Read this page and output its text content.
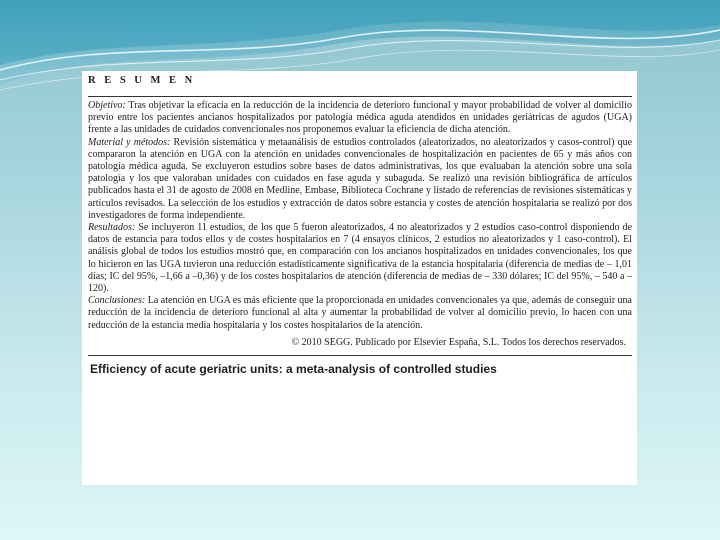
R E S U M E N

Objetivo: Tras objetivar la eficacia en la reducción de la incidencia de deterioro funcional y mayor probabilidad de volver al domicilio previo entre los pacientes ancianos hospitalizados por patología médica aguda atendidos en unidades geriátricas de agudos (UGA) frente a las unidades de cuidados convencionales nos proponemos evaluar la eficiencia de dicha atención.

Material y métodos: Revisión sistemática y metaanálisis de estudios controlados (aleatorizados, no aleatorizados y casos-control) que compararon la atención en UGA con la atención en unidades convencionales de hospitalización en pacientes de 65 y más años con patología médica aguda. Se excluyeron estudios sobre bases de datos administrativas, los que evaluaban la atención sobre una sola patología y los que valoraban unidades con cuidados en fase aguda y subaguda. Se realizó una revisión bibliográfica de artículos publicados hasta el 31 de agosto de 2008 en Medline, Embase, Biblioteca Cochrane y listado de referencias de revisiones sistemáticas y artículos revisados. La selección de los estudios y extracción de datos sobre estancia y costes de atención hospitalaria se realizó por dos investigadores de forma independiente.

Resultados: Se incluyeron 11 estudios, de los que 5 fueron aleatorizados, 4 no aleatorizados y 2 estudios caso-control disponiendo de datos de estancia para todos ellos y de costes hospitalarios en 7 (4 ensayos clínicos, 2 estudios no aleatorizados y 1 caso-control). El análisis global de todos los estudios mostró que, en comparación con los ancianos hospitalizados en unidades convencionales, los que lo hicieron en las UGA tuvieron una reducción estadísticamente significativa de la estancia hospitalaria (diferencia de medias de – 1,01 días; IC del 95%, –1,66 a –0,36) y de los costes hospitalarios de atención (diferencia de medias de – 330 dólares; IC del 95%, – 540 a –120).

Conclusiones: La atención en UGA es más eficiente que la proporcionada en unidades convencionales ya que, además de conseguir una reducción de la incidencia de deterioro funcional al alta y aumentar la probabilidad de volver al domicilio previo, lo hacen con una reducción de la estancia media hospitalaria y los costes hospitalarios de la atención.

© 2010 SEGG. Publicado por Elsevier España, S.L. Todos los derechos reservados.
Efficiency of acute geriatric units: a meta-analysis of controlled studies
